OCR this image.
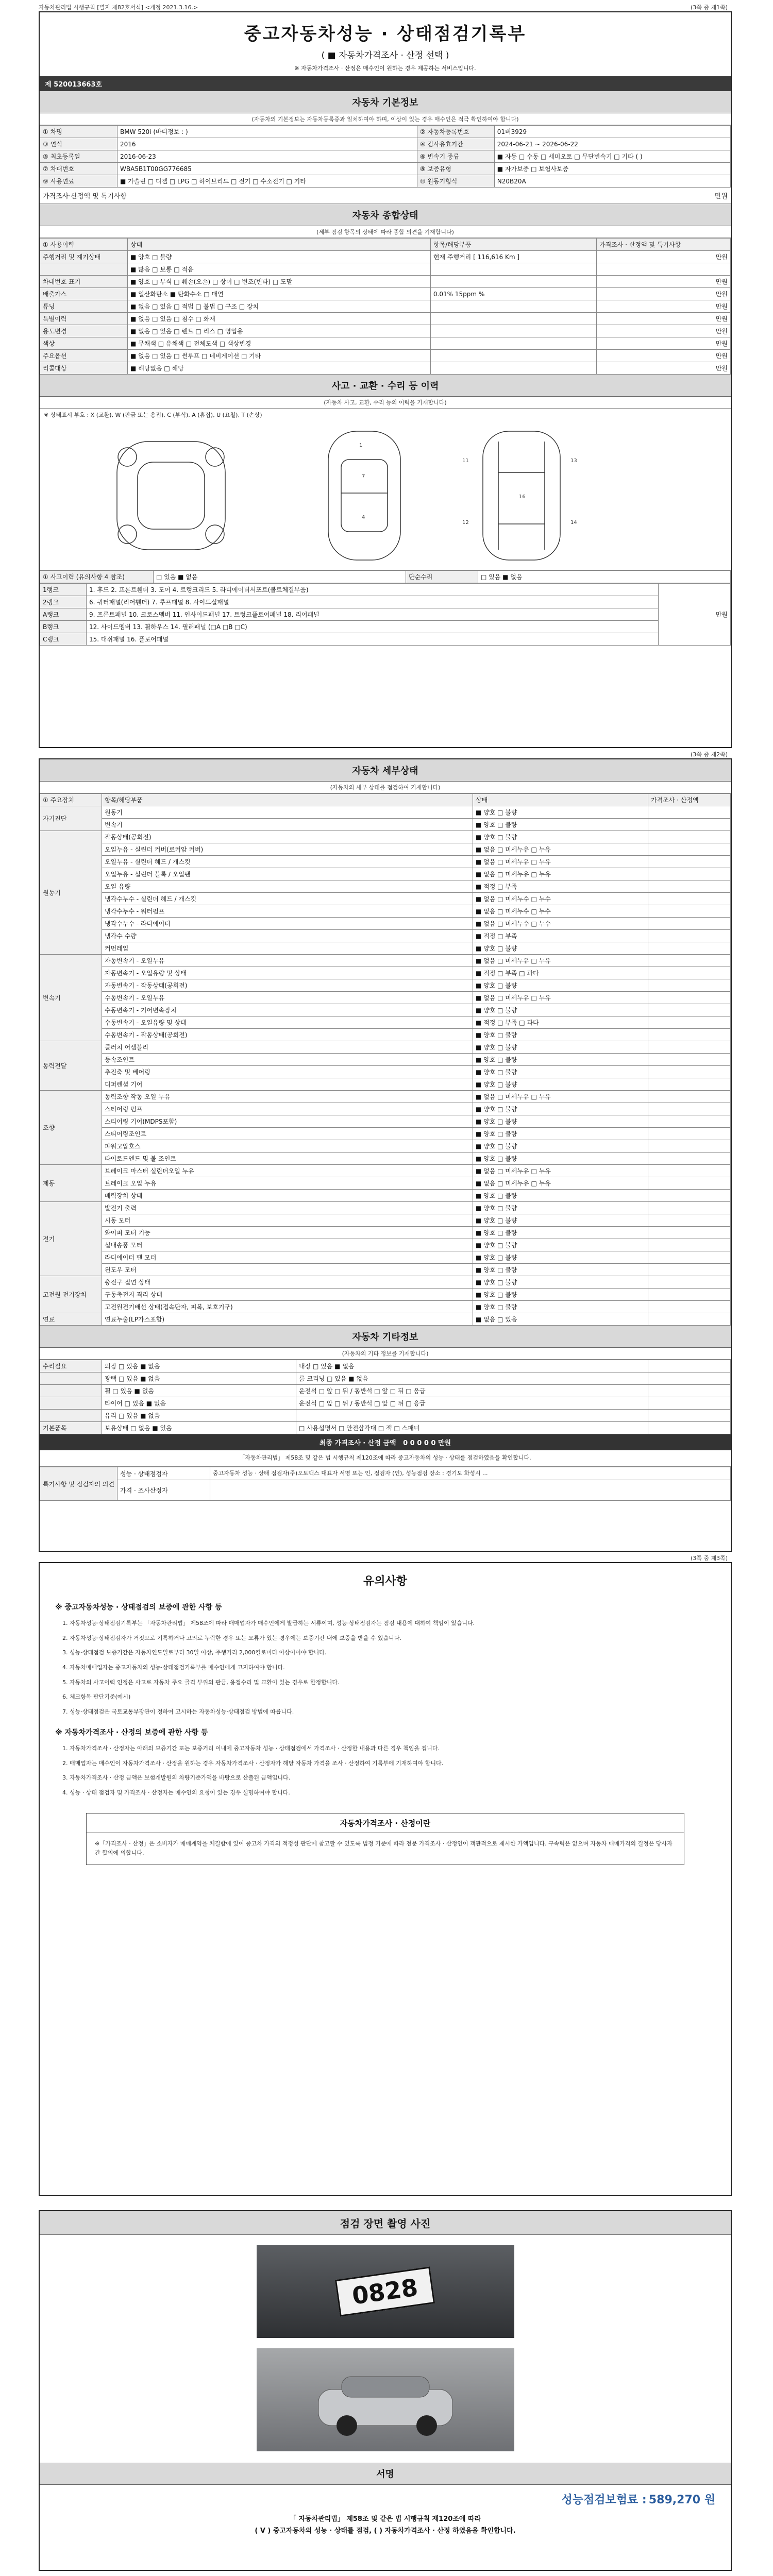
자동차관리법 시행규칙 [별지 제82호서식] <개정 2021.3.16.>	(3쪽 중 제1쪽)
중고자동차성능 · 상태점검기록부
( ■ 자동차가격조사 · 산정 선택 )
※ 자동차가격조사 · 산정은 매수인이 원하는 경우 제공하는 서비스입니다.
제 520013663호
자동차 기본정보
(자동차의 기본정보는 자동차등록증과 일치하여야 하며, 이상이 있는 경우 매수인은 적극 확인하여야 합니다)
① 차명	BMW 520i (바디정보 : )	② 자동차등록번호	01버3929
③ 연식	2016	④ 검사유효기간	2024-06-21 ~ 2026-06-22
⑤ 최초등록일	2016-06-23	⑥ 변속기 종류	■ 자동 □ 수동 □ 세미오토 □ 무단변속기 □ 기타 ( )
⑦ 차대번호	WBA5B1T00GG776685	⑧ 보증유형	■ 자가보증 □ 보험사보증
⑨ 사용연료	■ 가솔린 □ 디젤 □ LPG □ 하이브리드 □ 전기 □ 수소전기 □ 기타	⑩ 원동기형식	N20B20A
가격조사·산정액 및 특기사항	만원
자동차 종합상태
(세부 점검 항목의 상태에 따라 종합 의견을 기재합니다)
① 사용이력	상태	항목/해당부품	가격조사 · 산정액 및 특기사항
주행거리 및 계기상태	■ 양호 □ 불량	현재 주행거리 [ 116,616 Km ]	만원
	■ 많음 □ 보통 □ 적음		
차대번호 표기	■ 양호 □ 부식 □ 훼손(오손) □ 상이 □ 변조(변타) □ 도말		만원
배출가스	■ 일산화탄소 ■ 탄화수소 □ 매연	0.01% 15ppm %	만원
튜닝	■ 없음 □ 있음 □ 적법 □ 불법 □ 구조 □ 장치		만원
특별이력	■ 없음 □ 있음 □ 침수 □ 화재		만원
용도변경	■ 없음 □ 있음 □ 렌트 □ 리스 □ 영업용		만원
색상	■ 무채색 □ 유채색 □ 전체도색 □ 색상변경		만원
주요옵션	■ 없음 □ 있음 □ 썬루프 □ 네비게이션 □ 기타		만원
리콜대상	■ 해당없음 □ 해당		만원
사고 · 교환 · 수리 등 이력
(자동차 사고, 교환, 수리 등의 이력을 기재합니다)
※ 상태표시 부호 : X (교환), W (판금 또는 용접), C (부식), A (흠집), U (요철), T (손상)
1
7
4
11	13
16
12	14
① 사고이력 (유의사항 4 참조)	□ 있음 ■ 없음	단순수리	□ 있음 ■ 없음
1랭크	1. 후드 2. 프론트휀더 3. 도어 4. 트렁크리드 5. 라디에이터서포트(볼트체결부품)	만원
2랭크	6. 쿼터패널(리어휀더) 7. 루프패널 8. 사이드실패널	
A랭크	9. 프론트패널 10. 크로스멤버 11. 인사이드패널 17. 트렁크플로어패널 18. 리어패널	
B랭크	12. 사이드멤버 13. 휠하우스 14. 필러패널 (□A □B □C)	
C랭크	15. 대쉬패널 16. 플로어패널	
(3쪽 중 제2쪽)
자동차 세부상태
(자동차의 세부 상태를 점검하여 기재합니다)
① 주요장치	항목/해당부품	상태	가격조사 · 산정액
자기진단	원동기	■ 양호 □ 불량	
	변속기	■ 양호 □ 불량	
원동기	작동상태(공회전)	■ 양호 □ 불량	
	오일누유 - 실린더 커버(로커암 커버)	■ 없음 □ 미세누유 □ 누유	
	오일누유 - 실린더 헤드 / 개스킷	■ 없음 □ 미세누유 □ 누유	
	오일누유 - 실린더 블록 / 오일팬	■ 없음 □ 미세누유 □ 누유	
	오일 유량	■ 적정 □ 부족	
	냉각수누수 - 실린더 헤드 / 개스킷	■ 없음 □ 미세누수 □ 누수	
	냉각수누수 - 워터펌프	■ 없음 □ 미세누수 □ 누수	
	냉각수누수 - 라디에이터	■ 없음 □ 미세누수 □ 누수	
	냉각수 수량	■ 적정 □ 부족	
	커먼레일	■ 양호 □ 불량	
변속기	자동변속기 - 오일누유	■ 없음 □ 미세누유 □ 누유	
	자동변속기 - 오일유량 및 상태	■ 적정 □ 부족 □ 과다	
	자동변속기 - 작동상태(공회전)	■ 양호 □ 불량	
	수동변속기 - 오일누유	■ 없음 □ 미세누유 □ 누유	
	수동변속기 - 기어변속장치	■ 양호 □ 불량	
	수동변속기 - 오일유량 및 상태	■ 적정 □ 부족 □ 과다	
	수동변속기 - 작동상태(공회전)	■ 양호 □ 불량	
동력전달	클러치 어셈블리	■ 양호 □ 불량	
	등속조인트	■ 양호 □ 불량	
	추진축 및 베어링	■ 양호 □ 불량	
	디퍼렌셜 기어	■ 양호 □ 불량	
조향	동력조향 작동 오일 누유	■ 없음 □ 미세누유 □ 누유	
	스티어링 펌프	■ 양호 □ 불량	
	스티어링 기어(MDPS포함)	■ 양호 □ 불량	
	스티어링조인트	■ 양호 □ 불량	
	파워고압호스	■ 양호 □ 불량	
	타이로드엔드 및 볼 조인트	■ 양호 □ 불량	
제동	브레이크 마스터 실린더오일 누유	■ 없음 □ 미세누유 □ 누유	
	브레이크 오일 누유	■ 없음 □ 미세누유 □ 누유	
	배력장치 상태	■ 양호 □ 불량	
전기	발전기 출력	■ 양호 □ 불량	
	시동 모터	■ 양호 □ 불량	
	와이퍼 모터 기능	■ 양호 □ 불량	
	실내송풍 모터	■ 양호 □ 불량	
	라디에이터 팬 모터	■ 양호 □ 불량	
	윈도우 모터	■ 양호 □ 불량	
고전원 전기장치	충전구 절연 상태	■ 양호 □ 불량	
	구동축전지 격리 상태	■ 양호 □ 불량	
	고전원전기배선 상태(접속단자, 피복, 보호기구)	■ 양호 □ 불량	
연료	연료누출(LP가스포함)	■ 없음 □ 있음	
자동차 기타정보
(자동차의 기타 정보를 기재합니다)
수리필요	외장 □ 있음 ■ 없음	내장 □ 있음 ■ 없음	
	광택 □ 있음 ■ 없음	룸 크리닝 □ 있음 ■ 없음	
	휠 □ 있음 ■ 없음	운전석 □ 앞 □ 뒤 / 동반석 □ 앞 □ 뒤 □ 응급	
	타이어 □ 있음 ■ 없음	운전석 □ 앞 □ 뒤 / 동반석 □ 앞 □ 뒤 □ 응급	
	유리 □ 있음 ■ 없음		
기본품목	보유상태 □ 없음 ■ 있음	□ 사용설명서 □ 안전삼각대 □ 잭 □ 스패너	
최종 가격조사 · 산정 금액 0 0 0 0 0 만원
「자동차관리법」 제58조 및 같은 법 시행규칙 제120조에 따라 중고자동차의 성능 · 상태를 점검하였음을 확인합니다.
특기사항 및 점검자의 의견	성능 · 상태점검자	중고자동차 성능 · 상태 점검자(주)오토맥스 대표자 서명 또는 인, 점검자 (인), 성능점검 장소 : 경기도 화성시 ...
	가격 · 조사산정자	
(3쪽 중 제3쪽)
유의사항
※ 중고자동차성능 · 상태점검의 보증에 관한 사항 등
1. 자동차성능·상태점검기록부는 「자동차관리법」 제58조에 따라 매매업자가 매수인에게 발급하는 서류이며, 성능·상태점검자는 점검 내용에 대하여 책임이 있습니다.
2. 자동차성능·상태점검자가 거짓으로 기록하거나 고의로 누락한 경우 또는 오류가 있는 경우에는 보증기간 내에 보증을 받을 수 있습니다.
3. 성능·상태점검 보증기간은 자동차인도일로부터 30일 이상, 주행거리 2,000킬로미터 이상이어야 합니다.
4. 자동차매매업자는 중고자동차의 성능·상태점검기록부를 매수인에게 고지하여야 합니다.
5. 자동차의 사고이력 인정은 사고로 자동차 주요 골격 부위의 판금, 용접수리 및 교환이 있는 경우로 한정합니다.
6. 체크항목 판단기준(예시)
7. 성능·상태점검은 국토교통부장관이 정하여 고시하는 자동차성능·상태점검 방법에 따릅니다.
※ 자동차가격조사 · 산정의 보증에 관한 사항 등
1. 자동차가격조사 · 산정자는 아래의 보증기간 또는 보증거리 이내에 중고자동차 성능 · 상태점검에서 가격조사 · 산정한 내용과 다른 경우 책임을 집니다.
2. 매매업자는 매수인이 자동차가격조사 · 산정을 원하는 경우 자동차가격조사 · 산정자가 해당 자동차 가격을 조사 · 산정하여 기록부에 기재하여야 합니다.
3. 자동차가격조사 · 산정 금액은 보험개발원의 차량기준가액을 바탕으로 산출된 금액입니다.
4. 성능 · 상태 점검자 및 가격조사 · 산정자는 매수인의 요청이 있는 경우 설명하여야 합니다.
자동차가격조사 · 산정이란
※「가격조사 · 산정」은 소비자가 매매계약을 체결함에 있어 중고차 가격의 적정성 판단에 참고할 수 있도록 법정 기준에 따라 전문 가격조사 · 산정인이 객관적으로 제시한 가액입니다. 구속력은 없으며 자동차 매매가격의 결정은 당사자 간 합의에 의합니다.
점검 장면 촬영 사진
0828
서명
성능점검보험료 : 589,270 원
「 자동차관리법」 제58조 및 같은 법 시행규칙 제120조에 따라
( Ⅴ ) 중고자동차의 성능 · 상태를 점검, ( ) 자동차가격조사 · 산정 하였음을 확인합니다.
